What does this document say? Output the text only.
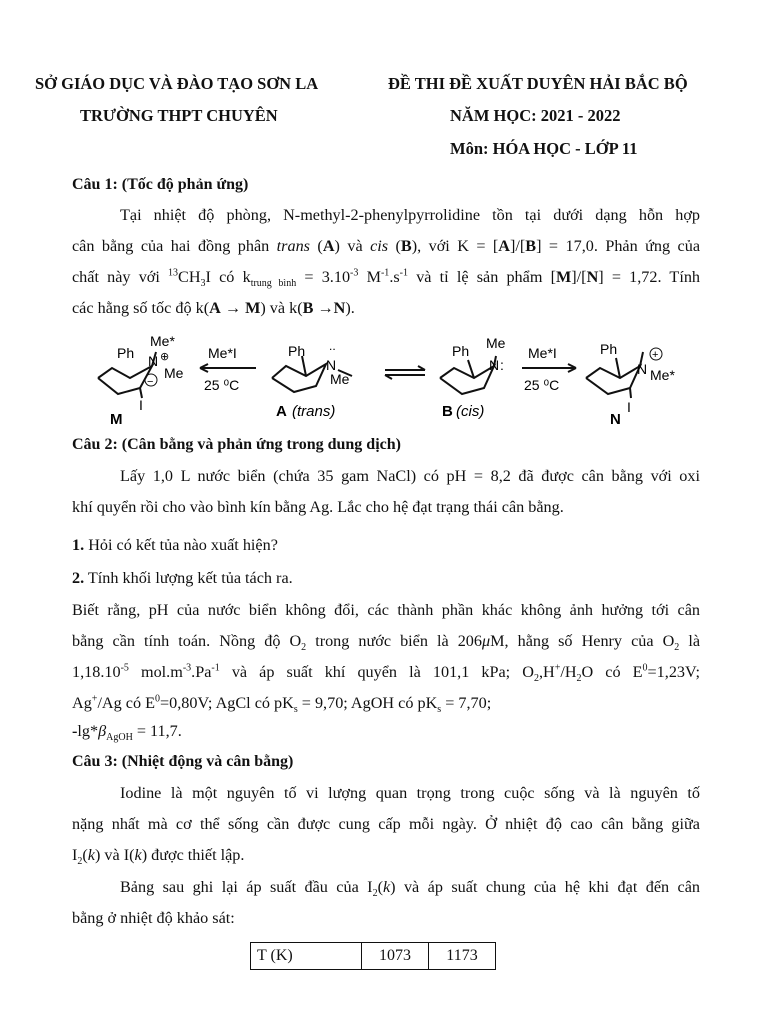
SỞ GIÁO DỤC VÀ ĐÀO TẠO SƠN LA
TRƯỜNG THPT CHUYÊN
ĐỀ THI ĐỀ XUẤT DUYÊN HẢI BẮC BỘ
NĂM HỌC: 2021 - 2022
Môn: HÓA HỌC - LỚP 11
Câu 1: (Tốc độ phản ứng)
Tại nhiệt độ phòng, N-methyl-2-phenylpyrrolidine tồn tại dưới dạng hỗn hợp
cân bằng của hai đồng phân trans (A) và cis (B), với K = [A]/[B] = 17,0. Phản ứng của
chất này với $^{13}CH_3I$ có $k_{trung bình} = 3.10^{-3}$ $M^{-1}.s^{-1}$ và tỉ lệ sản phẩm [M]/[N] = 1,72. Tính
các hằng số tốc độ k(A → M) và k(B →N).
Ph
Me*
N ⊕
−
Me
I
M
Me*I
25 ⁰C
Ph
N
..
Me
A (trans)
Ph Me
N :
B (cis)
Me*I
25 ⁰C
Ph
N
+
Me*
I
N
Câu 2: (Cân bằng và phản ứng trong dung dịch)
Lấy 1,0 L nước biển (chứa 35 gam NaCl) có pH = 8,2 đã được cân bằng với oxi
khí quyển rồi cho vào bình kín bằng Ag. Lắc cho hệ đạt trạng thái cân bằng.
1. Hỏi có kết tủa nào xuất hiện?
2. Tính khối lượng kết tủa tách ra.
Biết rằng, pH của nước biển không đổi, các thành phần khác không ảnh hưởng tới cân
bằng cần tính toán. Nồng độ $O_2$ trong nước biển là 206μM, hằng số Henry của $O_2$ là
$1,18.10^{-5}$ $mol.m^{-3}.Pa^{-1}$ và áp suất khí quyển là 101,1 kPa; $O_2,H^+/H_2O$ có $E^0=1,23V$;
Ag+/Ag có $E^0=0,80V$; AgCl có $pK_s = 9,70$; AgOH có $pK_s = 7,70$;
$-\lg*\beta_{AgOH} = 11,7$.
Câu 3: (Nhiệt động và cân bằng)
Iodine là một nguyên tố vi lượng quan trọng trong cuộc sống và là nguyên tố
nặng nhất mà cơ thể sống cần được cung cấp mỗi ngày. Ở nhiệt độ cao cân bằng giữa
$I_2(k)$ và I(k) được thiết lập.
Bảng sau ghi lại áp suất đầu của $I_2(k)$ và áp suất chung của hệ khi đạt đến cân
bằng ở nhiệt độ khảo sát:
T (K)	1073	1173
